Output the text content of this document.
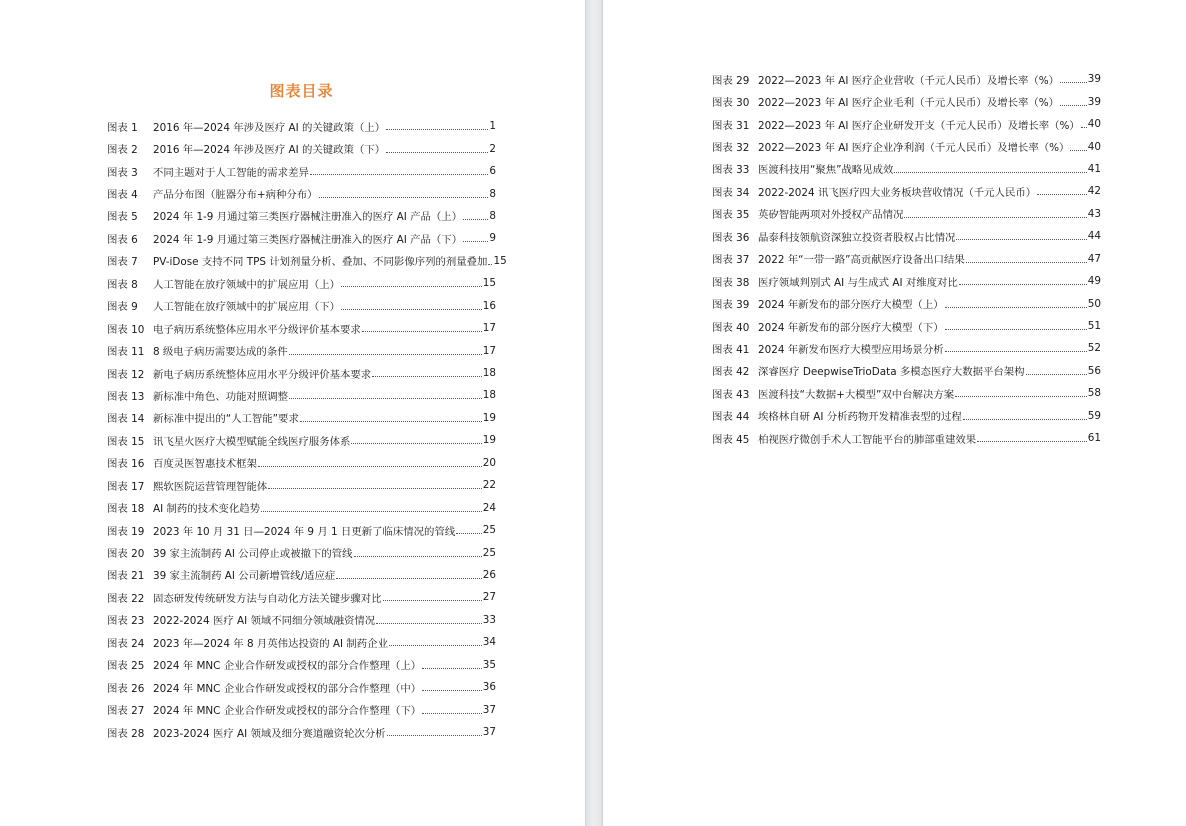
图表 1	2016 年—2024 年涉及医疗 AI 的关键政策（上）	1
图表 2	2016 年—2024 年涉及医疗 AI 的关键政策（下）	2
图表 3	不同主题对于人工智能的需求差异	6
图表 4	产品分布图（脏器分布+病种分布）	8
图表 5	2024 年 1-9 月通过第三类医疗器械注册准入的医疗 AI 产品（上）	8
图表 6	2024 年 1-9 月通过第三类医疗器械注册准入的医疗 AI 产品（下）	9
图表 7	PV-iDose 支持不同 TPS 计划剂量分析、叠加、不同影像序列的剂量叠加 15
图表 8	人工智能在放疗领域中的扩展应用（上）	15
图表 9	人工智能在放疗领域中的扩展应用（下）	16
图表 10 电子病历系统整体应用水平分级评价基本要求	17
图表 11 8 级电子病历需要达成的条件	17
图表 12 新电子病历系统整体应用水平分级评价基本要求	18
图表 13 新标准中角色、功能对照调整	18
图表 14 新标准中提出的“人工智能”要求	19
图表 15 讯飞星火医疗大模型赋能全线医疗服务体系	19
图表 16 百度灵医智惠技术框架	20
图表 17 熙软医院运营管理智能体	22
图表 18 AI 制药的技术变化趋势	24
图表 19 2023 年 10 月 31 日—2024 年 9 月 1 日更新了临床情况的管线	25
图表 20 39 家主流制药 AI 公司停止或被撤下的管线	25
图表 21 39 家主流制药 AI 公司新增管线/适应症	26
图表 22 固态研发传统研发方法与自动化方法关键步骤对比	27
图表 23 2022-2024 医疗 AI 领域不同细分领域融资情况	33
图表 24 2023 年—2024 年 8 月英伟达投资的 AI 制药企业	34
图表 25 2024 年 MNC 企业合作研发或授权的部分合作整理（上）	35
图表 26 2024 年 MNC 企业合作研发或授权的部分合作整理（中）	36
图表 27 2024 年 MNC 企业合作研发或授权的部分合作整理（下）	37
图表 28 2023-2024 医疗 AI 领域及细分赛道融资轮次分析	37
图表 29 2022—2023 年 AI 医疗企业营收（千元人民币）及增长率（%）	39
图表 30 2022—2023 年 AI 医疗企业毛利（千元人民币）及增长率（%）	39
图表 31 2022—2023 年 AI 医疗企业研发开支（千元人民币）及增长率（%） 40
图表 32 2022—2023 年 AI 医疗企业净利润（千元人民币）及增长率（%） 40
图表 33 医渡科技用“聚焦”战略见成效	41
图表 34 2022-2024 讯飞医疗四大业务板块营收情况（千元人民币）	42
图表 35 英矽智能两项对外授权产品情况	43
图表 36 晶泰科技领航资深独立投资者股权占比情况	44
图表 37 2022 年“一带一路”高贡献医疗设备出口结果	47
图表 38 医疗领域判别式 AI 与生成式 AI 对维度对比	49
图表 39 2024 年新发布的部分医疗大模型（上）	50
图表 40 2024 年新发布的部分医疗大模型（下）	51
图表 41 2024 年新发布医疗大模型应用场景分析	52
图表 42 深睿医疗 DeepwiseTrioData 多模态医疗大数据平台架构	56
图表 43 医渡科技“大数据+大模型”双中台解决方案	58
图表 44 埃格林自研 AI 分析药物开发精准表型的过程	59
图表 45 柏视医疗微创手术人工智能平台的肺部重建效果	61
图表目录
